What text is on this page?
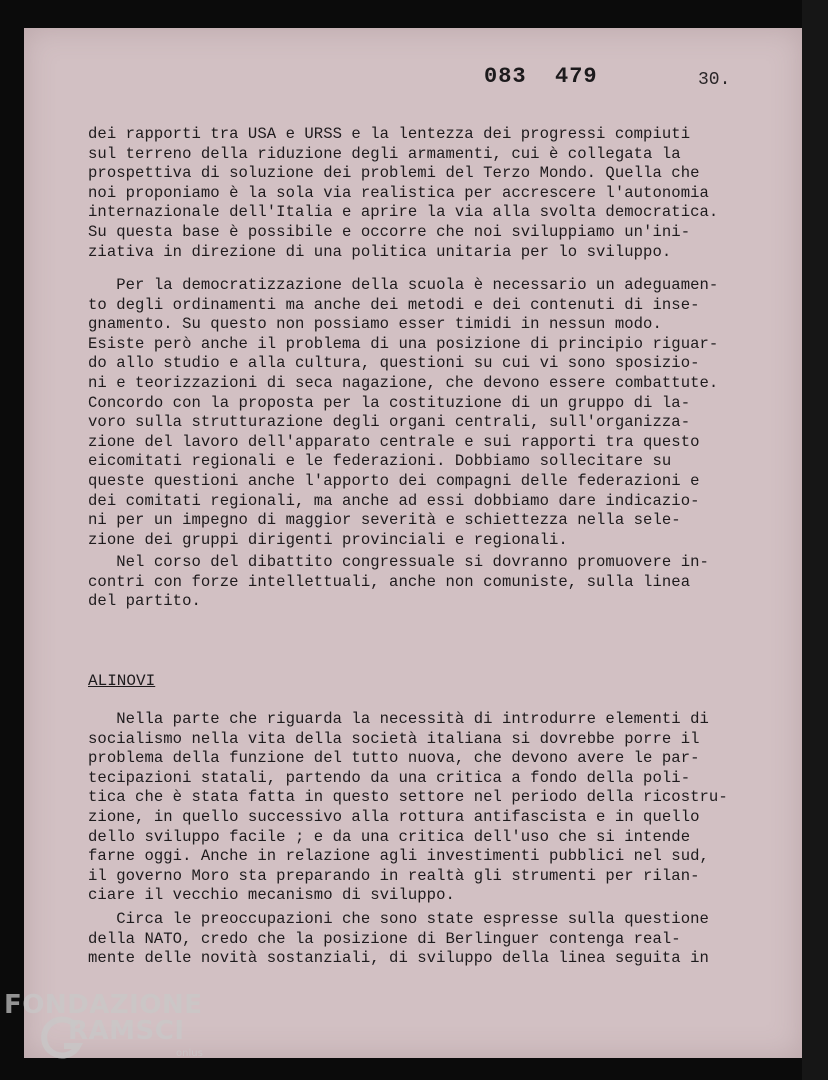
083  479	30.
dei rapporti tra USA e URSS e la lentezza dei progressi compiuti
sul terreno della riduzione degli armamenti, cui è collegata la
prospettiva di soluzione dei problemi del Terzo Mondo. Quella che
noi proponiamo è la sola via realistica per accrescere l'autonomia
internazionale dell'Italia e aprire la via alla svolta democratica.
Su questa base è possibile e occorre che noi sviluppiamo un'ini-
ziativa in direzione di una politica unitaria per lo sviluppo.
Per la democratizzazione della scuola è necessario un adeguamen-
to degli ordinamenti ma anche dei metodi e dei contenuti di inse-
gnamento. Su questo non possiamo esser timidi in nessun modo.
Esiste però anche il problema di una posizione di principio riguar-
do allo studio e alla cultura, questioni su cui vi sono sposizio-
ni e teorizzazioni di seca nagazione, che devono essere combattute.
Concordo con la proposta per la costituzione di un gruppo di la-
voro sulla strutturazione degli organi centrali, sull'organizza-
zione del lavoro dell'apparato centrale e sui rapporti tra questo
eicomitati regionali e le federazioni. Dobbiamo sollecitare su
queste questioni anche l'apporto dei compagni delle federazioni e
dei comitati regionali, ma anche ad essi dobbiamo dare indicazio-
ni per un impegno di maggior severità e schiettezza nella sele-
zione dei gruppi dirigenti provinciali e regionali.
Nel corso del dibattito congressuale si dovranno promuovere in-
contri con forze intellettuali, anche non comuniste, sulla linea
del partito.
ALINOVI
Nella parte che riguarda la necessità di introdurre elementi di
socialismo nella vita della società italiana si dovrebbe porre il
problema della funzione del tutto nuova, che devono avere le par-
tecipazioni statali, partendo da una critica a fondo della poli-
tica che è stata fatta in questo settore nel periodo della ricostru-
zione, in quello successivo alla rottura antifascista e in quello
dello sviluppo facile ; e da una critica dell'uso che si intende
farne oggi. Anche in relazione agli investimenti pubblici nel sud,
il governo Moro sta preparando in realtà gli strumenti per rilan-
ciare il vecchio mecanismo di sviluppo.
Circa le preoccupazioni che sono state espresse sulla questione
della NATO, credo che la posizione di Berlinguer contenga real-
mente delle novità sostanziali, di sviluppo della linea seguita in
FONDAZIONE
RAMSCI
onlus
